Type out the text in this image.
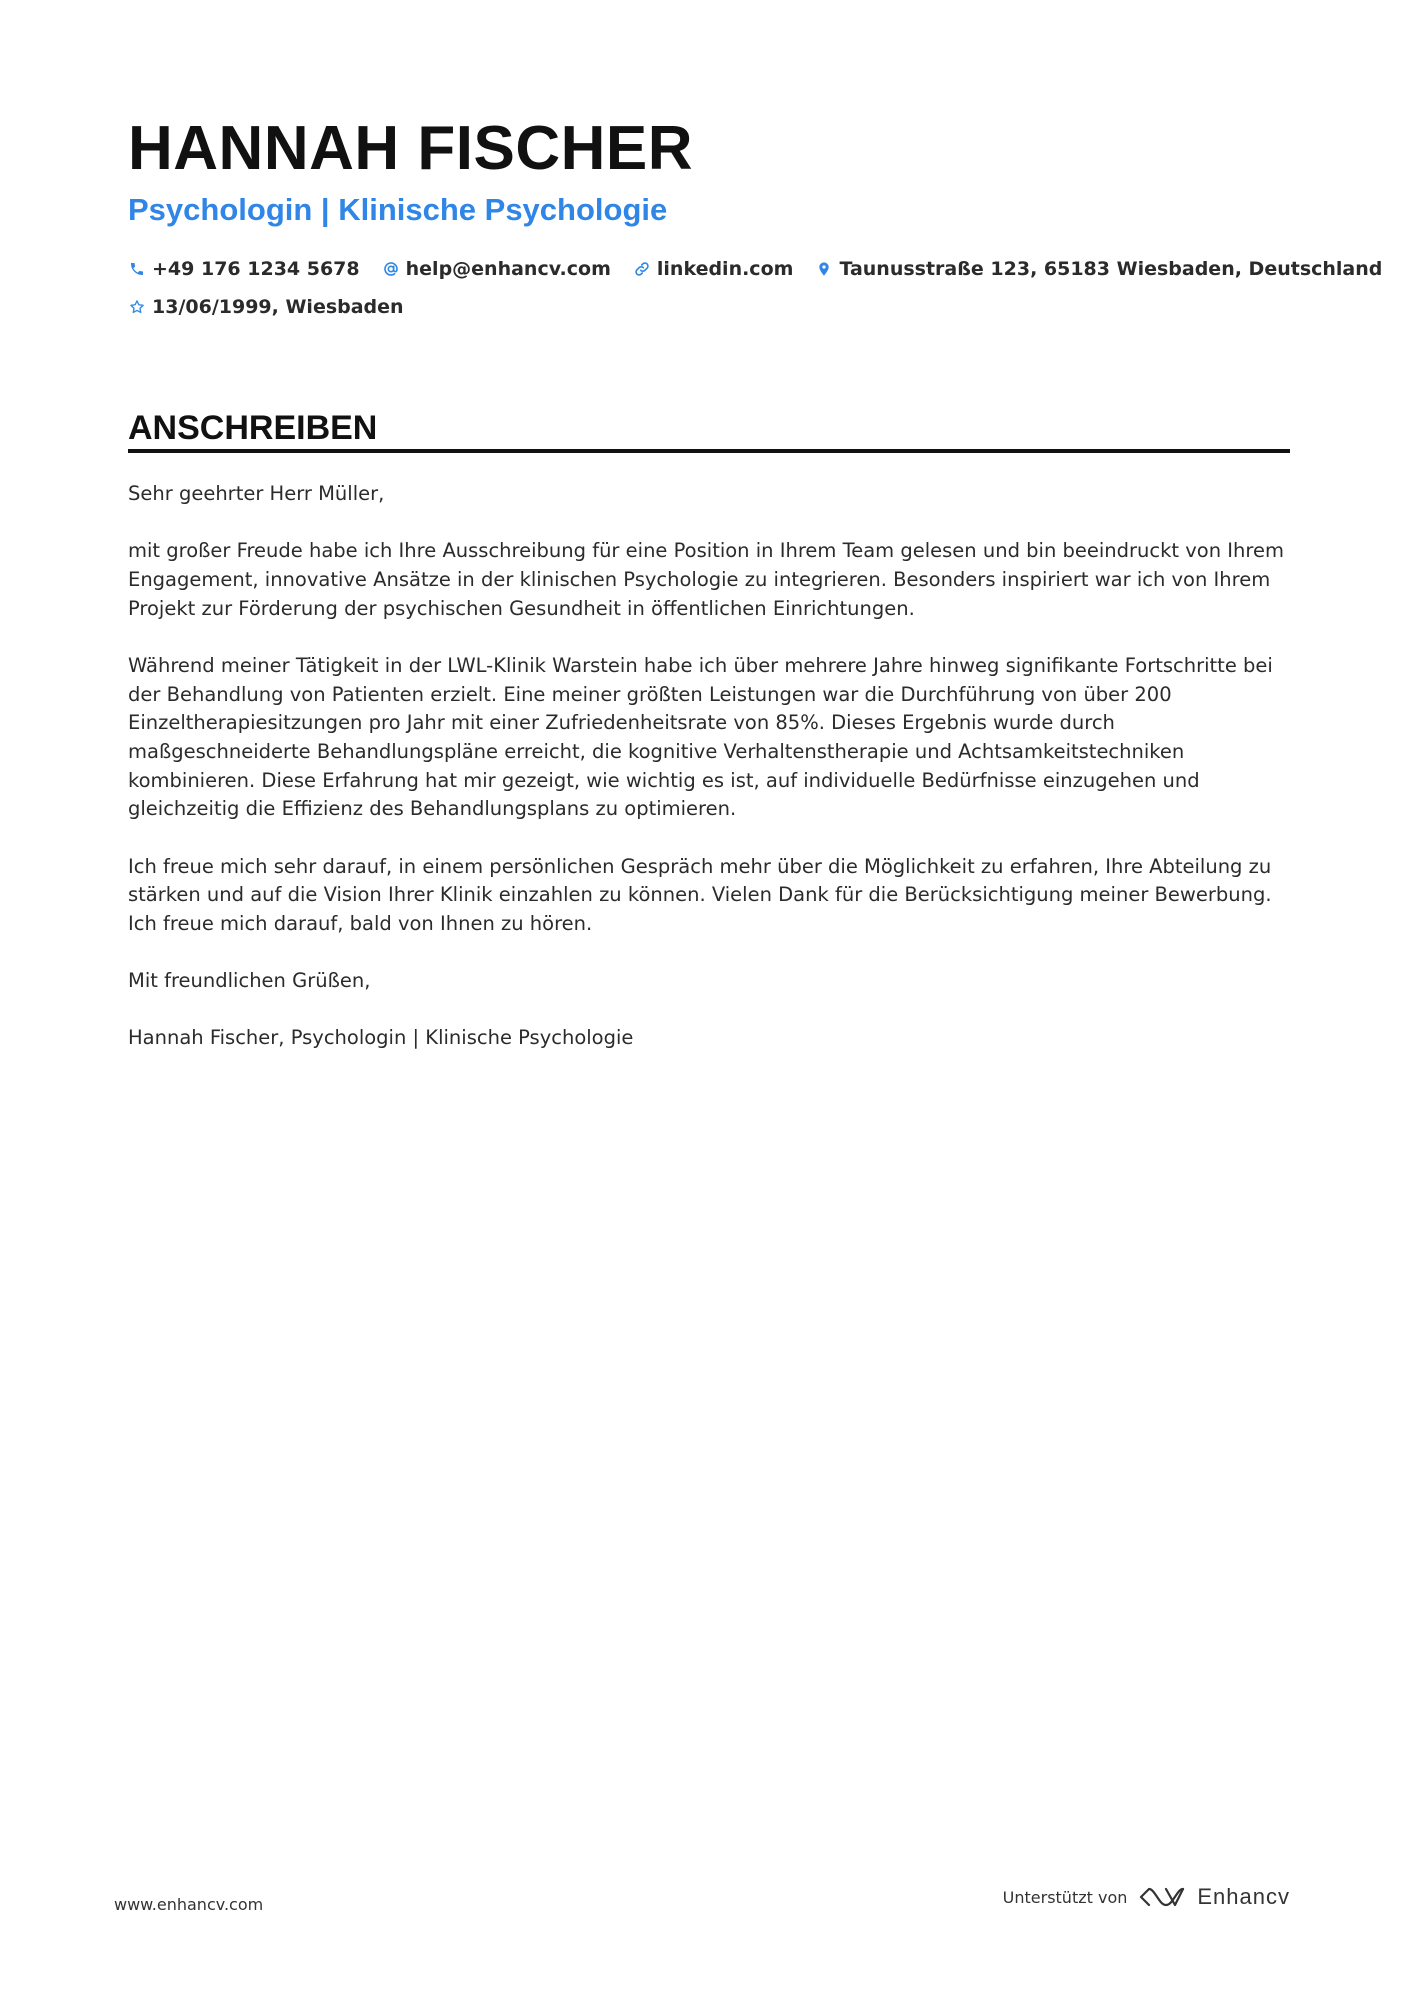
HANNAH FISCHER
Psychologin | Klinische Psychologie
+49 176 1234 5678 help@enhancv.com linkedin.com Taunusstraße 123, 65183 Wiesbaden, Deutschland
13/06/1999, Wiesbaden
ANSCHREIBEN

Sehr geehrter Herr Müller,

mit großer Freude habe ich Ihre Ausschreibung für eine Position in Ihrem Team gelesen und bin beeindruckt von Ihrem Engagement, innovative Ansätze in der klinischen Psychologie zu integrieren. Besonders inspiriert war ich von Ihrem Projekt zur Förderung der psychischen Gesundheit in öffentlichen Einrichtungen.

Während meiner Tätigkeit in der LWL-Klinik Warstein habe ich über mehrere Jahre hinweg signifikante Fortschritte bei der Behandlung von Patienten erzielt. Eine meiner größten Leistungen war die Durchführung von über 200 Einzeltherapiesitzungen pro Jahr mit einer Zufriedenheitsrate von 85%. Dieses Ergebnis wurde durch maßgeschneiderte Behandlungspläne erreicht, die kognitive Verhaltenstherapie und Achtsamkeitstechniken kombinieren. Diese Erfahrung hat mir gezeigt, wie wichtig es ist, auf individuelle Bedürfnisse einzugehen und gleichzeitig die Effizienz des Behandlungsplans zu optimieren.

Ich freue mich sehr darauf, in einem persönlichen Gespräch mehr über die Möglichkeit zu erfahren, Ihre Abteilung zu stärken und auf die Vision Ihrer Klinik einzahlen zu können. Vielen Dank für die Berücksichtigung meiner Bewerbung. Ich freue mich darauf, bald von Ihnen zu hören.

Mit freundlichen Grüßen,

Hannah Fischer, Psychologin | Klinische Psychologie

www.enhancv.com	Unterstützt von	Enhancv
